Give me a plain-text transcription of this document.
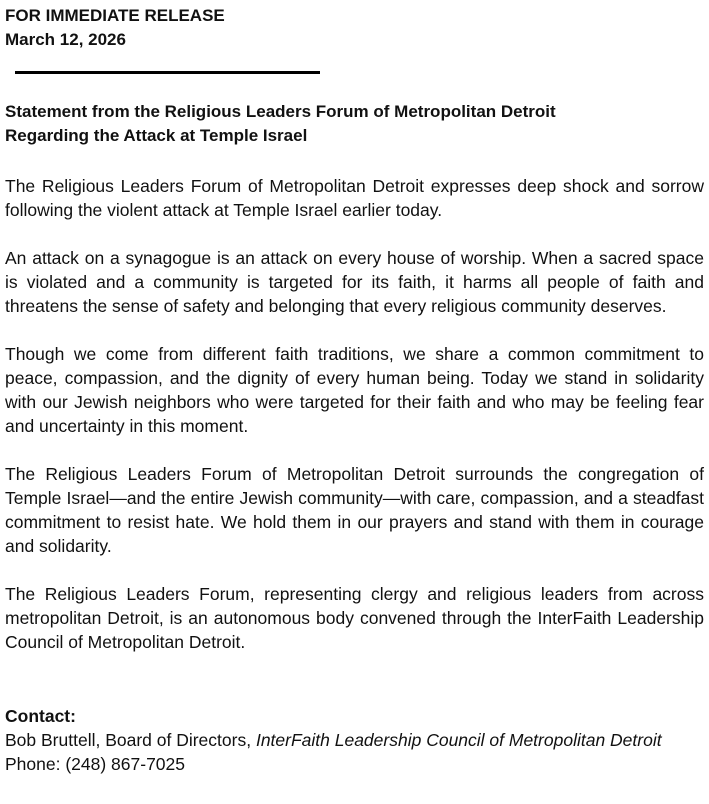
FOR IMMEDIATE RELEASE

March 12, 2026

Statement from the Religious Leaders Forum of Metropolitan Detroit
Regarding the Attack at Temple Israel

The Religious Leaders Forum of Metropolitan Detroit expresses deep shock and sorrow following the violent attack at Temple Israel earlier today.

An attack on a synagogue is an attack on every house of worship. When a sacred space is violated and a community is targeted for its faith, it harms all people of faith and threatens the sense of safety and belonging that every religious community deserves.

Though we come from different faith traditions, we share a common commitment to peace, compassion, and the dignity of every human being. Today we stand in solidarity with our Jewish neighbors who were targeted for their faith and who may be feeling fear and uncertainty in this moment.

The Religious Leaders Forum of Metropolitan Detroit surrounds the congregation of Temple Israel—and the entire Jewish community—with care, compassion, and a steadfast commitment to resist hate. We hold them in our prayers and stand with them in courage and solidarity.

The Religious Leaders Forum, representing clergy and religious leaders from across metropolitan Detroit, is an autonomous body convened through the InterFaith Leadership Council of Metropolitan Detroit.

Contact:
Bob Bruttell, Board of Directors, InterFaith Leadership Council of Metropolitan Detroit
Phone: (248) 867-7025
